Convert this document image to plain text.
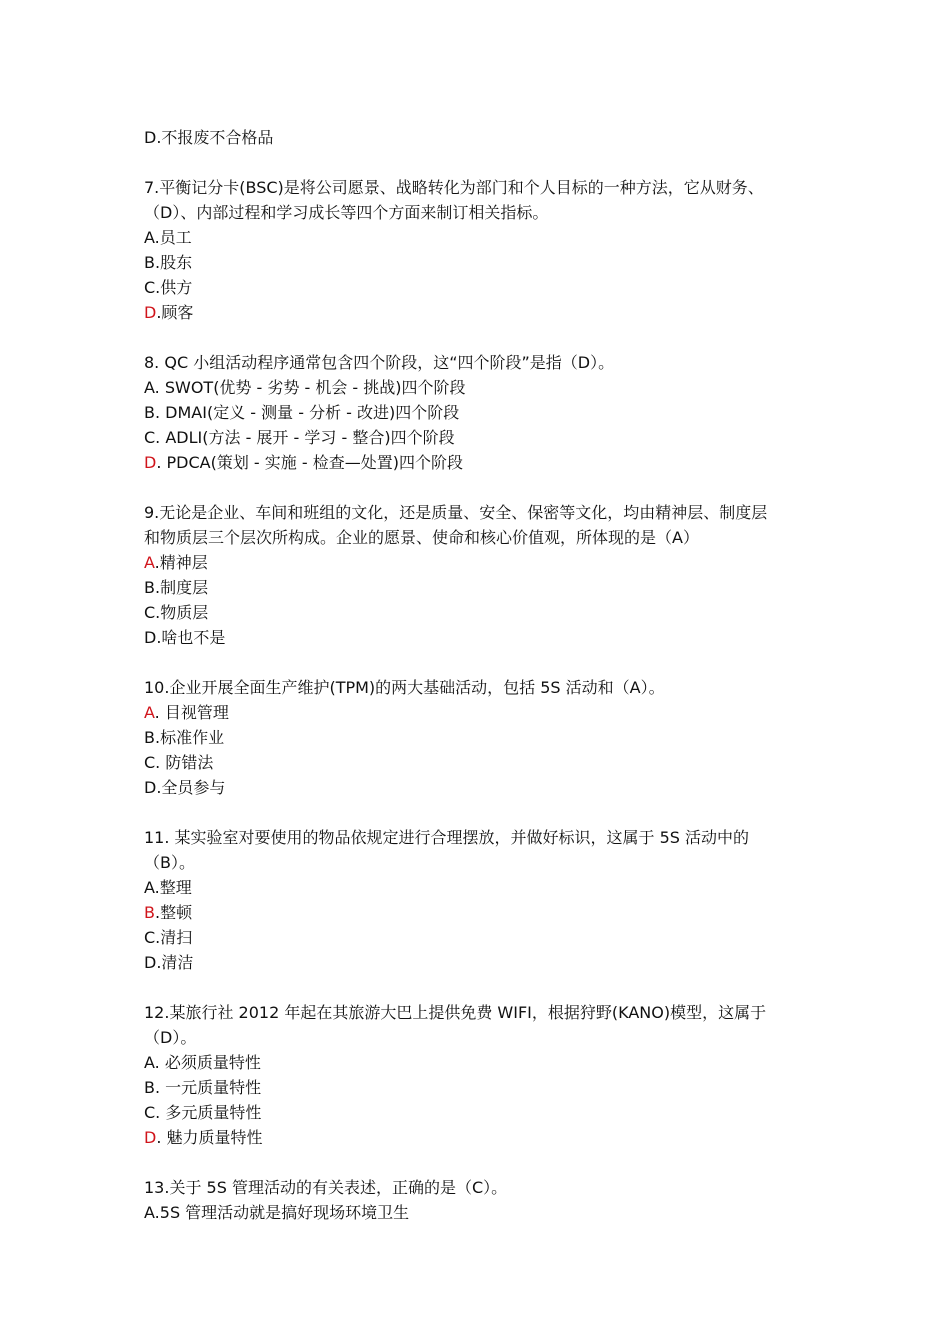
D.不报废不合格品
7.平衡记分卡(BSC)是将公司愿景、战略转化为部门和个人目标的一种方法，它从财务、
（D）、内部过程和学习成长等四个方面来制订相关指标。
A.员工
B.股东
C.供方
D.顾客
8. QC 小组活动程序通常包含四个阶段，这“四个阶段”是指（D）。
A. SWOT(优势 - 劣势 - 机会 - 挑战)四个阶段
B. DMAI(定义 - 测量 - 分析 - 改进)四个阶段
C. ADLI(方法 - 展开 - 学习 - 整合)四个阶段
D. PDCA(策划 - 实施 - 检查—处置)四个阶段
9.无论是企业、车间和班组的文化，还是质量、安全、保密等文化，均由精神层、制度层
和物质层三个层次所构成。企业的愿景、使命和核心价值观，所体现的是（A）
A.精神层
B.制度层
C.物质层
D.啥也不是
10.企业开展全面生产维护(TPM)的两大基础活动，包括 5S 活动和（A）。
A. 目视管理
B.标准作业
C. 防错法
D.全员参与
11. 某实验室对要使用的物品依规定进行合理摆放，并做好标识，这属于 5S 活动中的
（B）。
A.整理
B.整顿
C.清扫
D.清洁
12.某旅行社 2012 年起在其旅游大巴上提供免费 WIFI，根据狩野(KANO)模型，这属于
（D）。
A. 必须质量特性
B. 一元质量特性
C. 多元质量特性
D. 魅力质量特性
13.关于 5S 管理活动的有关表述，正确的是（C）。
A.5S 管理活动就是搞好现场环境卫生
